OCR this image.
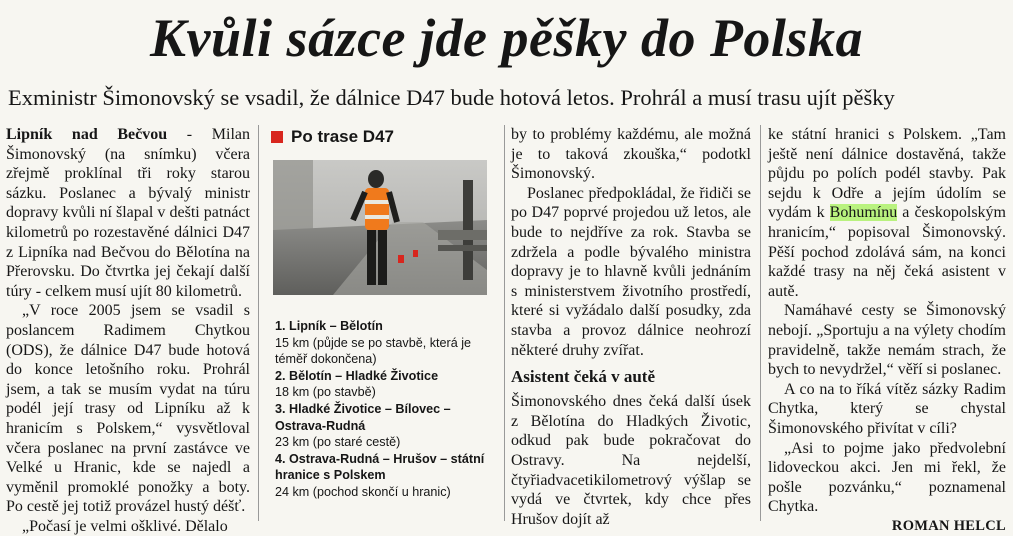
Kvůli sázce jde pěšky do Polska
Exministr Šimonovský se vsadil, že dálnice D47 bude hotová letos. Prohrál a musí trasu ujít pěšky

Lipník nad Bečvou - Milan Šimonovský (na snímku) včera zřejmě proklínal tři roky starou sázku. Poslanec a bývalý ministr dopravy kvůli ní šlapal v dešti patnáct kilometrů po rozestavěné dálnici D47 z Lipníka nad Bečvou do Bělotína na Přerovsku. Do čtvrtka jej čekají další túry - celkem musí ujít 80 kilometrů.

„V roce 2005 jsem se vsadil s poslancem Radimem Chytkou (ODS), že dálnice D47 bude hotová do konce letošního roku. Prohrál jsem, a tak se musím vydat na túru podél její trasy od Lipníku až k hranicím s Polskem,“ vysvětloval včera poslanec na první zastávce ve Velké u Hranic, kde se najedl a vyměnil promoklé ponožky a boty. Po cestě jej totiž provázel hustý déšť.

„Počasí je velmi ošklivé. Dělalo

Po trase D47
1. Lipník – Bělotín
15 km (půjde se po stavbě, která je téměř dokončena)
2. Bělotín – Hladké Životice
18 km (po stavbě)
3. Hladké Životice – Bílovec – Ostrava-Rudná
23 km (po staré cestě)
4. Ostrava-Rudná – Hrušov – státní hranice s Polskem
24 km (pochod skončí u hranic)

by to problémy každému, ale možná je to taková zkouška,“ podotkl Šimonovský.

Poslanec předpokládal, že řidiči se po D47 poprvé projedou už letos, ale bude to nejdříve za rok. Stavba se zdržela a podle bývalého ministra dopravy je to hlavně kvůli jednáním s ministerstvem životního prostředí, které si vyžádalo další posudky, zda stavba a provoz dálnice neohrozí některé druhy zvířat.

Asistent čeká v autě

Šimonovského dnes čeká další úsek z Bělotína do Hladkých Životic, odkud pak bude pokračovat do Ostravy. Na nejdelší, čtyřiadvacetikilometrový výšlap se vydá ve čtvrtek, kdy chce přes Hrušov dojít až

ke státní hranici s Polskem. „Tam ještě není dálnice dostavěná, takže půjdu po polích podél stavby. Pak sejdu k Odře a jejím údolím se vydám k Bohumínu a českopolským hranicím,“ popisoval Šimonovský. Pěší pochod zdolává sám, na konci každé trasy na něj čeká asistent v autě.

Namáhavé cesty se Šimonovský nebojí. „Sportuju a na výlety chodím pravidelně, takže nemám strach, že bych to nevydržel,“ věří si poslanec.

A co na to říká vítěz sázky Radim Chytka, který se chystal Šimonovského přivítat v cíli?

„Asi to pojme jako předvolební lidoveckou akci. Jen mi řekl, že pošle pozvánku,“ poznamenal Chytka.

ROMAN HELCL
